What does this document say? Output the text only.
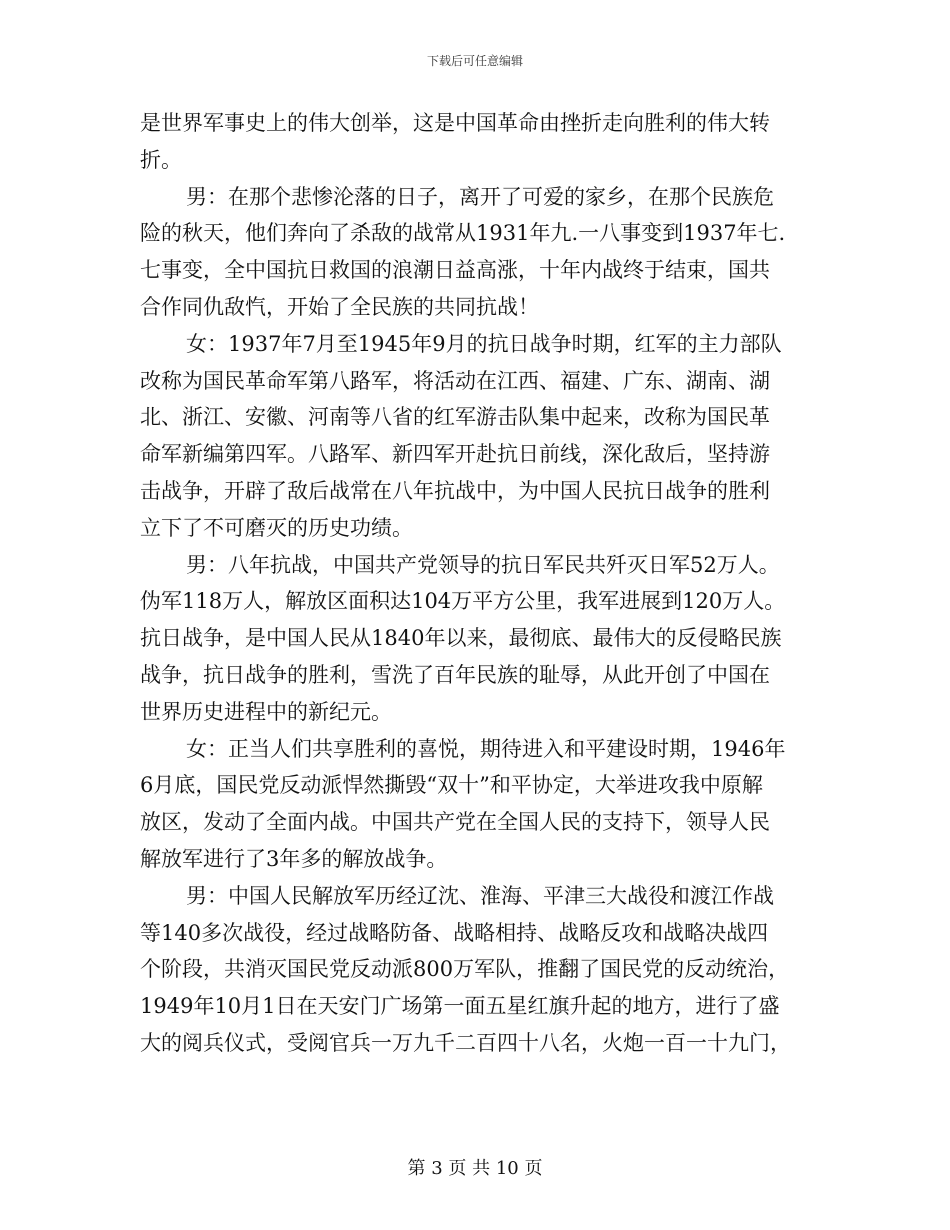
下载后可任意编辑
是世界军事史上的伟大创举，这是中国革命由挫折走向胜利的伟大转
折。
男：在那个悲惨沦落的日子，离开了可爱的家乡，在那个民族危
险的秋天，他们奔向了杀敌的战常从1931年九.一八事变到1937年七.
七事变，全中国抗日救国的浪潮日益高涨，十年内战终于结束，国共
合作同仇敌忾，开始了全民族的共同抗战！
女：1937年7月至1945年9月的抗日战争时期，红军的主力部队
改称为国民革命军第八路军，将活动在江西、福建、广东、湖南、湖
北、浙江、安徽、河南等八省的红军游击队集中起来，改称为国民革
命军新编第四军。八路军、新四军开赴抗日前线，深化敌后，坚持游
击战争，开辟了敌后战常在八年抗战中，为中国人民抗日战争的胜利
立下了不可磨灭的历史功绩。
男：八年抗战，中国共产党领导的抗日军民共歼灭日军52万人。
伪军118万人，解放区面积达104万平方公里，我军进展到120万人。
抗日战争，是中国人民从1840年以来，最彻底、最伟大的反侵略民族
战争，抗日战争的胜利，雪洗了百年民族的耻辱，从此开创了中国在
世界历史进程中的新纪元。
女：正当人们共享胜利的喜悦，期待进入和平建设时期，1946年
6月底，国民党反动派悍然撕毁“双十”和平协定，大举进攻我中原解
放区，发动了全面内战。中国共产党在全国人民的支持下，领导人民
解放军进行了3年多的解放战争。
男：中国人民解放军历经辽沈、淮海、平津三大战役和渡江作战
等140多次战役，经过战略防备、战略相持、战略反攻和战略决战四
个阶段，共消灭国民党反动派800万军队，推翻了国民党的反动统治，
1949年10月1日在天安门广场第一面五星红旗升起的地方，进行了盛
大的阅兵仪式，受阅官兵一万九千二百四十八名，火炮一百一十九门，
第 3 页 共 10 页
